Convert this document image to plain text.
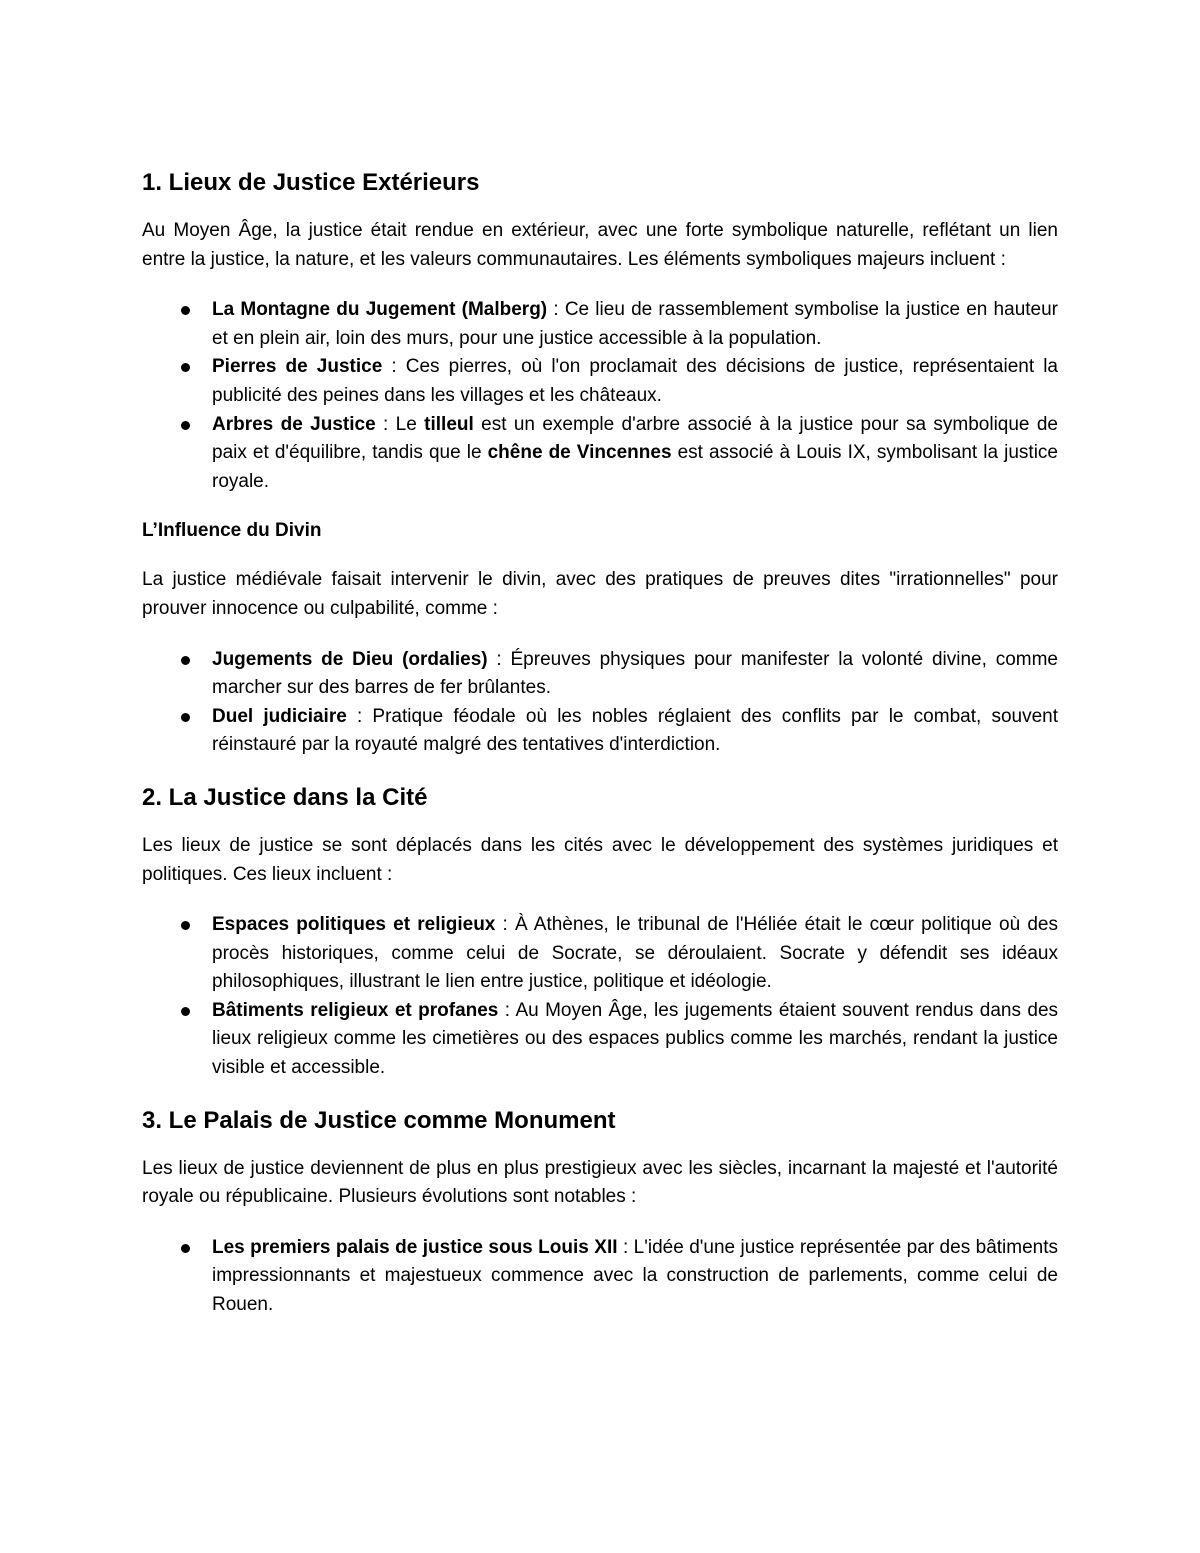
1. Lieux de Justice Extérieurs

Au Moyen Âge, la justice était rendue en extérieur, avec une forte symbolique naturelle, reflétant un lien entre la justice, la nature, et les valeurs communautaires. Les éléments symboliques majeurs incluent :

La Montagne du Jugement (Malberg) : Ce lieu de rassemblement symbolise la justice en hauteur et en plein air, loin des murs, pour une justice accessible à la population.
Pierres de Justice : Ces pierres, où l'on proclamait des décisions de justice, représentaient la publicité des peines dans les villages et les châteaux.
Arbres de Justice : Le tilleul est un exemple d'arbre associé à la justice pour sa symbolique de paix et d'équilibre, tandis que le chêne de Vincennes est associé à Louis IX, symbolisant la justice royale.
L’Influence du Divin

La justice médiévale faisait intervenir le divin, avec des pratiques de preuves dites "irrationnelles" pour prouver innocence ou culpabilité, comme :

Jugements de Dieu (ordalies) : Épreuves physiques pour manifester la volonté divine, comme marcher sur des barres de fer brûlantes.
Duel judiciaire : Pratique féodale où les nobles réglaient des conflits par le combat, souvent réinstauré par la royauté malgré des tentatives d'interdiction.
2. La Justice dans la Cité

Les lieux de justice se sont déplacés dans les cités avec le développement des systèmes juridiques et politiques. Ces lieux incluent :

Espaces politiques et religieux : À Athènes, le tribunal de l'Héliée était le cœur politique où des procès historiques, comme celui de Socrate, se déroulaient. Socrate y défendit ses idéaux philosophiques, illustrant le lien entre justice, politique et idéologie.
Bâtiments religieux et profanes : Au Moyen Âge, les jugements étaient souvent rendus dans des lieux religieux comme les cimetières ou des espaces publics comme les marchés, rendant la justice visible et accessible.
3. Le Palais de Justice comme Monument

Les lieux de justice deviennent de plus en plus prestigieux avec les siècles, incarnant la majesté et l'autorité royale ou républicaine. Plusieurs évolutions sont notables :

Les premiers palais de justice sous Louis XII : L'idée d'une justice représentée par des bâtiments impressionnants et majestueux commence avec la construction de parlements, comme celui de Rouen.
